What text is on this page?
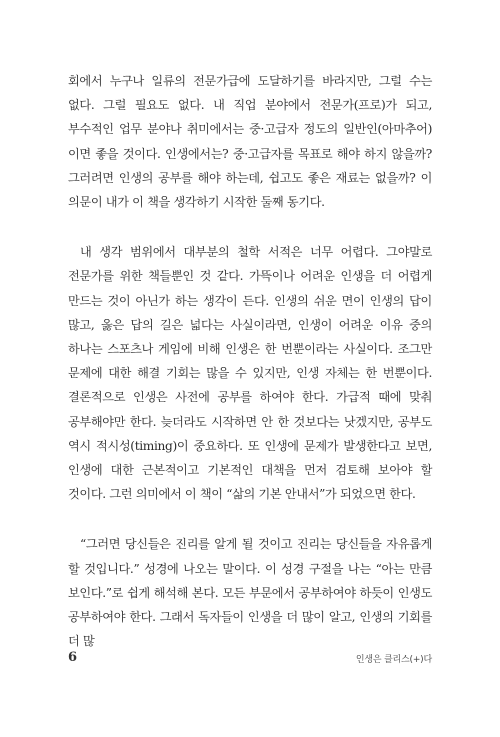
회에서 누구나 일류의 전문가급에 도달하기를 바라지만, 그럴 수는 없다. 그럴 필요도 없다. 내 직업 분야에서 전문가(프로)가 되고, 부수적인 업무 분야나 취미에서는 중·고급자 정도의 일반인(아마추어)이면 좋을 것이다. 인생에서는? 중·고급자를 목표로 해야 하지 않을까? 그러려면 인생의 공부를 해야 하는데, 쉽고도 좋은 재료는 없을까? 이 의문이 내가 이 책을 생각하기 시작한 둘째 동기다.

내 생각 범위에서 대부분의 철학 서적은 너무 어렵다. 그야말로 전문가를 위한 책들뿐인 것 같다. 가뜩이나 어려운 인생을 더 어렵게 만드는 것이 아닌가 하는 생각이 든다. 인생의 쉬운 면이 인생의 답이 많고, 옳은 답의 길은 넓다는 사실이라면, 인생이 어려운 이유 중의 하나는 스포츠나 게임에 비해 인생은 한 번뿐이라는 사실이다. 조그만 문제에 대한 해결 기회는 많을 수 있지만, 인생 자체는 한 번뿐이다. 결론적으로 인생은 사전에 공부를 하여야 한다. 가급적 때에 맞춰 공부해야만 한다. 늦더라도 시작하면 안 한 것보다는 낫겠지만, 공부도 역시 적시성(timing)이 중요하다. 또 인생에 문제가 발생한다고 보면, 인생에 대한 근본적이고 기본적인 대책을 먼저 검토해 보아야 할 것이다. 그런 의미에서 이 책이 “삶의 기본 안내서”가 되었으면 한다.

“그러면 당신들은 진리를 알게 될 것이고 진리는 당신들을 자유롭게 할 것입니다.” 성경에 나오는 말이다. 이 성경 구절을 나는 “아는 만큼 보인다.”로 쉽게 해석해 본다. 모든 부문에서 공부하여야 하듯이 인생도 공부하여야 한다. 그래서 독자들이 인생을 더 많이 알고, 인생의 기회를 더 많

6	인생은 클리스(+)다
